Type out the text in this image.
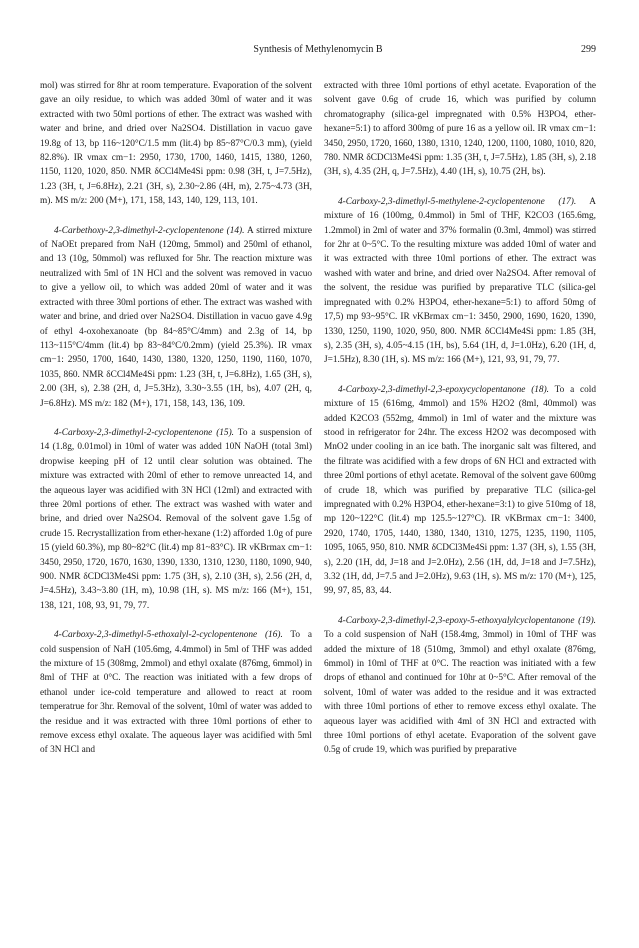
Synthesis of Methylenomycin B	299

mol) was stirred for 8hr at room temperature. Evaporation of the solvent gave an oily residue, to which was added 30ml of water and it was extracted with two 50ml portions of ether. The extract was washed with water and brine, and dried over Na2SO4. Distillation in vacuo gave 19.8g of 13, bp 116~120°C/1.5 mm (lit.4) bp 85~87°C/0.3 mm), (yield 82.8%). IR νmax cm−1: 2950, 1730, 1700, 1460, 1415, 1380, 1260, 1150, 1120, 1020, 850. NMR δCCl4Me4Si ppm: 0.98 (3H, t, J=7.5Hz), 1.23 (3H, t, J=6.8Hz), 2.21 (3H, s), 2.30~2.86 (4H, m), 2.75~4.73 (3H, m). MS m/z: 200 (M+), 171, 158, 143, 140, 129, 113, 101.

4-Carbethoxy-2,3-dimethyl-2-cyclopentenone (14). A stirred mixture of NaOEt prepared from NaH (120mg, 5mmol) and 250ml of ethanol, and 13 (10g, 50mmol) was refluxed for 5hr. The reaction mixture was neutralized with 5ml of 1N HCl and the solvent was removed in vacuo to give a yellow oil, to which was added 20ml of water and it was extracted with three 30ml portions of ether. The extract was washed with water and brine, and dried over Na2SO4. Distillation in vacuo gave 4.9g of ethyl 4-oxohexanoate (bp 84~85°C/4mm) and 2.3g of 14, bp 113~115°C/4mm (lit.4) bp 83~84°C/0.2mm) (yield 25.3%). IR νmax cm−1: 2950, 1700, 1640, 1430, 1380, 1320, 1250, 1190, 1160, 1070, 1035, 860. NMR δCCl4Me4Si ppm: 1.23 (3H, t, J=6.8Hz), 1.65 (3H, s), 2.00 (3H, s), 2.38 (2H, d, J=5.3Hz), 3.30~3.55 (1H, bs), 4.07 (2H, q, J=6.8Hz). MS m/z: 182 (M+), 171, 158, 143, 136, 109.

4-Carboxy-2,3-dimethyl-2-cyclopentenone (15). To a suspension of 14 (1.8g, 0.01mol) in 10ml of water was added 10N NaOH (total 3ml) dropwise keeping pH of 12 until clear solution was obtained. The mixture was extracted with 20ml of ether to remove unreacted 14, and the aqueous layer was acidified with 3N HCl (12ml) and extracted with three 20ml portions of ether. The extract was washed with water and brine, and dried over Na2SO4. Removal of the solvent gave 1.5g of crude 15. Recrystallization from ether-hexane (1:2) afforded 1.0g of pure 15 (yield 60.3%), mp 80~82°C (lit.4) mp 81~83°C). IR νKBrmax cm−1: 3450, 2950, 1720, 1670, 1630, 1390, 1330, 1310, 1230, 1180, 1090, 940, 900. NMR δCDCl3Me4Si ppm: 1.75 (3H, s), 2.10 (3H, s), 2.56 (2H, d, J=4.5Hz), 3.43~3.80 (1H, m), 10.98 (1H, s). MS m/z: 166 (M+), 151, 138, 121, 108, 93, 91, 79, 77.

4-Carboxy-2,3-dimethyl-5-ethoxalyl-2-cyclopentenone (16). To a cold suspension of NaH (105.6mg, 4.4mmol) in 5ml of THF was added the mixture of 15 (308mg, 2mmol) and ethyl oxalate (876mg, 6mmol) in 8ml of THF at 0°C. The reaction was initiated with a few drops of ethanol under ice-cold temperature and allowed to react at room temperatrue for 3hr. Removal of the solvent, 10ml of water was added to the residue and it was extracted with three 10ml portions of ether to remove excess ethyl oxalate. The aqueous layer was acidified with 5ml of 3N HCl and

extracted with three 10ml portions of ethyl acetate. Evaporation of the solvent gave 0.6g of crude 16, which was purified by column chromatography (silica-gel impregnated with 0.5% H3PO4, ether-hexane=5:1) to afford 300mg of pure 16 as a yellow oil. IR νmax cm−1: 3450, 2950, 1720, 1660, 1380, 1310, 1240, 1200, 1100, 1080, 1010, 820, 780. NMR δCDCl3Me4Si ppm: 1.35 (3H, t, J=7.5Hz), 1.85 (3H, s), 2.18 (3H, s), 4.35 (2H, q, J=7.5Hz), 4.40 (1H, s), 10.75 (2H, bs).

4-Carboxy-2,3-dimethyl-5-methylene-2-cyclopentenone (17). A mixture of 16 (100mg, 0.4mmol) in 5ml of THF, K2CO3 (165.6mg, 1.2mmol) in 2ml of water and 37% formalin (0.3ml, 4mmol) was stirred for 2hr at 0~5°C. To the resulting mixture was added 10ml of water and it was extracted with three 10ml portions of ether. The extract was washed with water and brine, and dried over Na2SO4. After removal of the solvent, the residue was purified by preparative TLC (silica-gel impregnated with 0.2% H3PO4, ether-hexane=5:1) to afford 50mg of 17,5) mp 93~95°C. IR νKBrmax cm−1: 3450, 2900, 1690, 1620, 1390, 1330, 1250, 1190, 1020, 950, 800. NMR δCCl4Me4Si ppm: 1.85 (3H, s), 2.35 (3H, s), 4.05~4.15 (1H, bs), 5.64 (1H, d, J=1.0Hz), 6.20 (1H, d, J=1.5Hz), 8.30 (1H, s). MS m/z: 166 (M+), 121, 93, 91, 79, 77.

4-Carboxy-2,3-dimethyl-2,3-epoxycyclopentanone (18). To a cold mixture of 15 (616mg, 4mmol) and 15% H2O2 (8ml, 40mmol) was added K2CO3 (552mg, 4mmol) in 1ml of water and the mixture was stood in refrigerator for 24hr. The excess H2O2 was decomposed with MnO2 under cooling in an ice bath. The inorganic salt was filtered, and the filtrate was acidified with a few drops of 6N HCl and extracted with three 20ml portions of ethyl acetate. Removal of the solvent gave 600mg of crude 18, which was purified by preparative TLC (silica-gel impregnated with 0.2% H3PO4, ether-hexane=3:1) to give 510mg of 18, mp 120~122°C (lit.4) mp 125.5~127°C). IR νKBrmax cm−1: 3400, 2920, 1740, 1705, 1440, 1380, 1340, 1310, 1275, 1235, 1190, 1105, 1095, 1065, 950, 810. NMR δCDCl3Me4Si ppm: 1.37 (3H, s), 1.55 (3H, s), 2.20 (1H, dd, J=18 and J=2.0Hz), 2.56 (1H, dd, J=18 and J=7.5Hz), 3.32 (1H, dd, J=7.5 and J=2.0Hz), 9.63 (1H, s). MS m/z: 170 (M+), 125, 99, 97, 85, 83, 44.

4-Carboxy-2,3-dimethyl-2,3-epoxy-5-ethoxyalylcyclopentanone (19). To a cold suspension of NaH (158.4mg, 3mmol) in 10ml of THF was added the mixture of 18 (510mg, 3mmol) and ethyl oxalate (876mg, 6mmol) in 10ml of THF at 0°C. The reaction was initiated with a few drops of ethanol and continued for 10hr at 0~5°C. After removal of the solvent, 10ml of water was added to the residue and it was extracted with three 10ml portions of ether to remove excess ethyl oxalate. The aqueous layer was acidified with 4ml of 3N HCl and extracted with three 10ml portions of ethyl acetate. Evaporation of the solvent gave 0.5g of crude 19, which was purified by preparative
